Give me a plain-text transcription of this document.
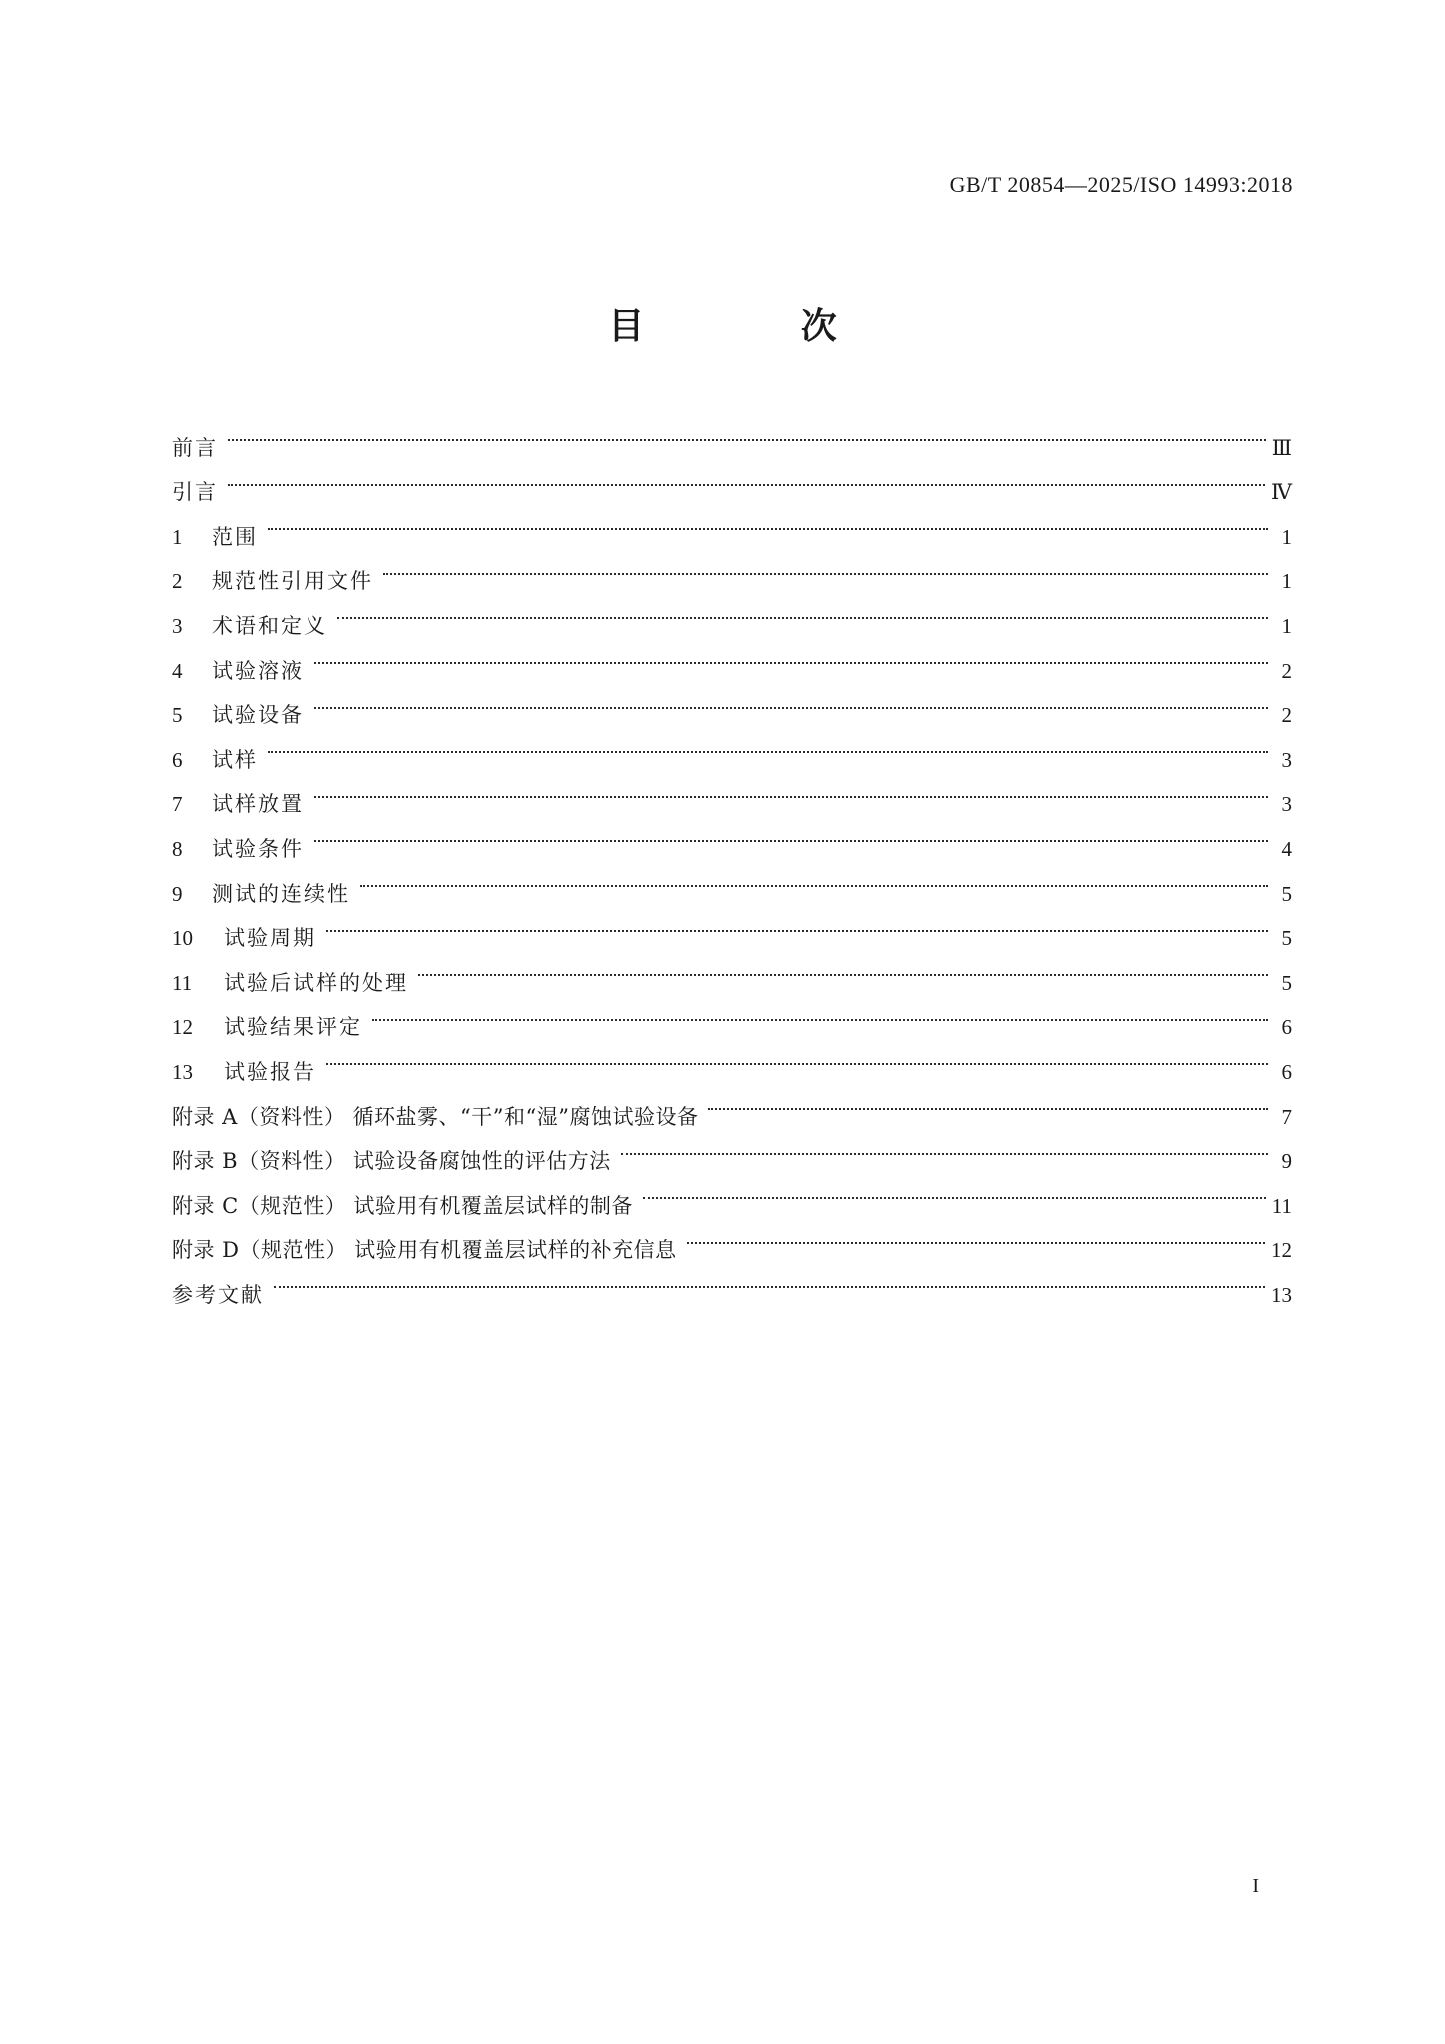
GB/T 20854—2025/ISO 14993:2018
目 次
前言	Ⅲ
引言	Ⅳ
1	范围	1
2	规范性引用文件	1
3	术语和定义	1
4	试验溶液	2
5	试验设备	2
6	试样	3
7	试样放置	3
8	试验条件	4
9	测试的连续性	5
10	试验周期	5
11	试验后试样的处理	5
12	试验结果评定	6
13	试验报告	6
附录 A（资料性） 循环盐雾、“干”和“湿”腐蚀试验设备	7
附录 B（资料性） 试验设备腐蚀性的评估方法	9
附录 C（规范性） 试验用有机覆盖层试样的制备	11
附录 D（规范性） 试验用有机覆盖层试样的补充信息	12
参考文献	13
I
